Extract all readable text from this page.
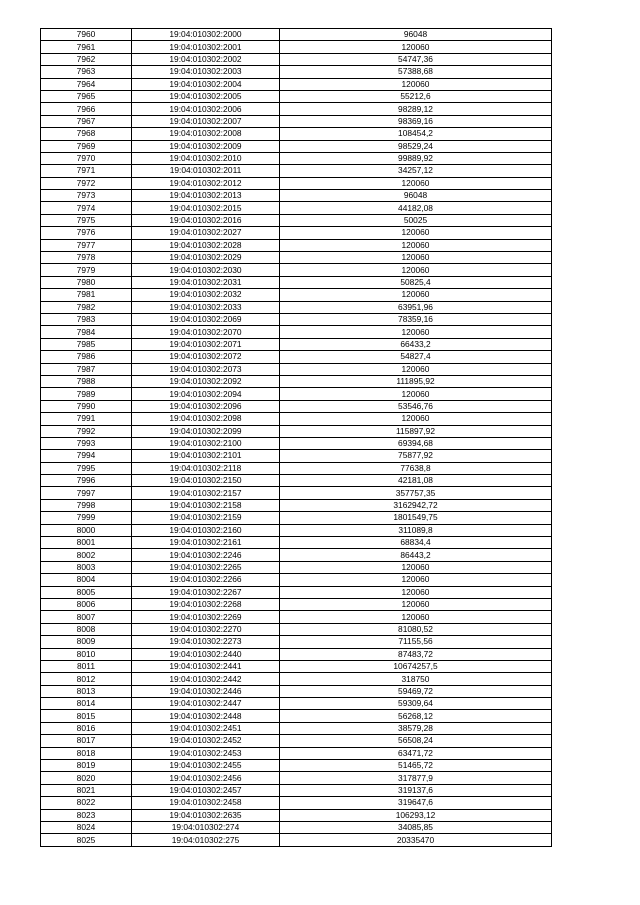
7960	19:04:010302:2000	96048
7961	19:04:010302:2001	120060
7962	19:04:010302:2002	54747,36
7963	19:04:010302:2003	57388,68
7964	19:04:010302:2004	120060
7965	19:04:010302:2005	55212,6
7966	19:04:010302:2006	98289,12
7967	19:04:010302:2007	98369,16
7968	19:04:010302:2008	108454,2
7969	19:04:010302:2009	98529,24
7970	19:04:010302:2010	99889,92
7971	19:04:010302:2011	34257,12
7972	19:04:010302:2012	120060
7973	19:04:010302:2013	96048
7974	19:04:010302:2015	44182,08
7975	19:04:010302:2016	50025
7976	19:04:010302:2027	120060
7977	19:04:010302:2028	120060
7978	19:04:010302:2029	120060
7979	19:04:010302:2030	120060
7980	19:04:010302:2031	50825,4
7981	19:04:010302:2032	120060
7982	19:04:010302:2033	63951,96
7983	19:04:010302:2069	78359,16
7984	19:04:010302:2070	120060
7985	19:04:010302:2071	66433,2
7986	19:04:010302:2072	54827,4
7987	19:04:010302:2073	120060
7988	19:04:010302:2092	111895,92
7989	19:04:010302:2094	120060
7990	19:04:010302:2096	53546,76
7991	19:04:010302:2098	120060
7992	19:04:010302:2099	115897,92
7993	19:04:010302:2100	69394,68
7994	19:04:010302:2101	75877,92
7995	19:04:010302:2118	77638,8
7996	19:04:010302:2150	42181,08
7997	19:04:010302:2157	357757,35
7998	19:04:010302:2158	3162942,72
7999	19:04:010302:2159	1801549,75
8000	19:04:010302:2160	311089,8
8001	19:04:010302:2161	68834,4
8002	19:04:010302:2246	86443,2
8003	19:04:010302:2265	120060
8004	19:04:010302:2266	120060
8005	19:04:010302:2267	120060
8006	19:04:010302:2268	120060
8007	19:04:010302:2269	120060
8008	19:04:010302:2270	81080,52
8009	19:04:010302:2273	71155,56
8010	19:04:010302:2440	87483,72
8011	19:04:010302:2441	10674257,5
8012	19:04:010302:2442	318750
8013	19:04:010302:2446	59469,72
8014	19:04:010302:2447	59309,64
8015	19:04:010302:2448	56268,12
8016	19:04:010302:2451	38579,28
8017	19:04:010302:2452	56508,24
8018	19:04:010302:2453	63471,72
8019	19:04:010302:2455	51465,72
8020	19:04:010302:2456	317877,9
8021	19:04:010302:2457	319137,6
8022	19:04:010302:2458	319647,6
8023	19:04:010302:2635	106293,12
8024	19:04:010302:274	34085,85
8025	19:04:010302:275	20335470
